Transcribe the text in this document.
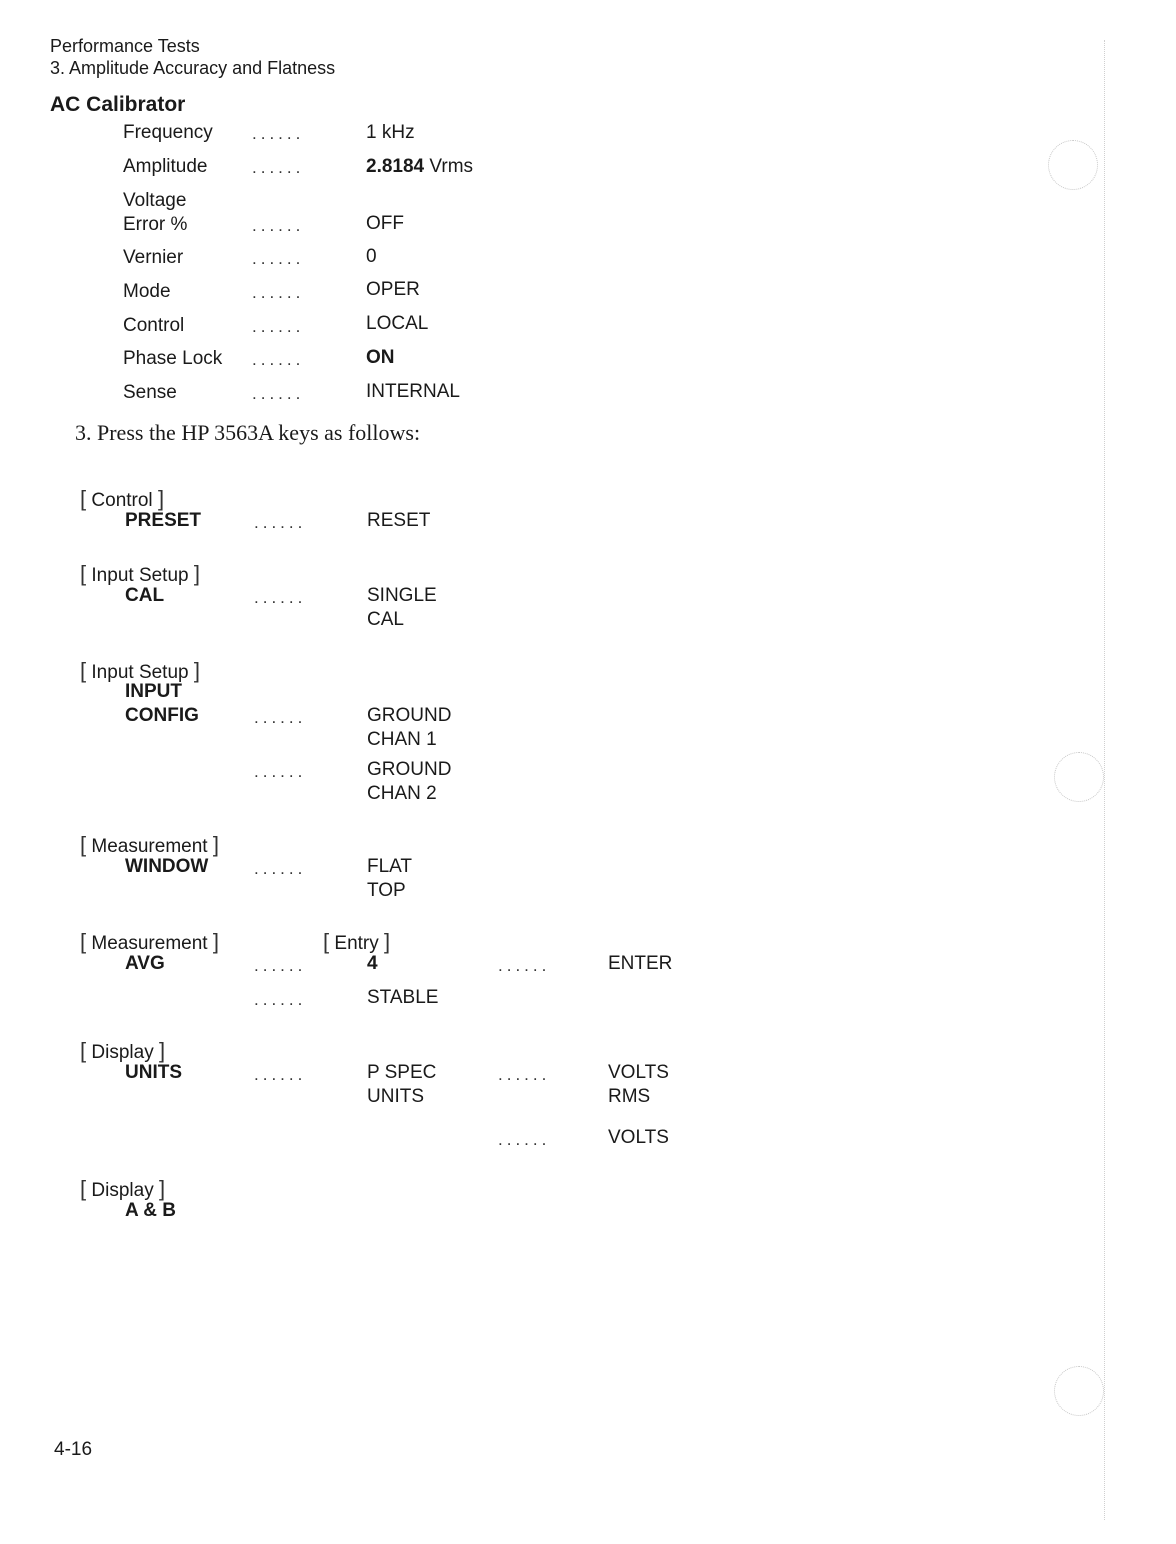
Performance Tests
3. Amplitude Accuracy and Flatness
AC Calibrator
Frequency ......	1 kHz
Amplitude	......	2.8184 Vrms
Voltage
Error %	......	OFF
Vernier	......	0
Mode	......	OPER
Control	......	LOCAL
Phase Lock ......	ON
Sense	......	INTERNAL
3. Press the HP 3563A keys as follows:
[ Control ]
PRESET	......	RESET
[ Input Setup ]
CAL	......	SINGLE
CAL
[ Input Setup ]
INPUT
CONFIG	......	GROUND
CHAN 1
......	GROUND
CHAN 2
[ Measurement ]
WINDOW	......	FLAT
TOP
[ Measurement ]	[ Entry ]
AVG	......	4	......	ENTER
......	STABLE
[ Display ]
UNITS	......	P SPEC
UNITS
......	VOLTS
RMS
......	VOLTS
[ Display ]
A & B
4-16
